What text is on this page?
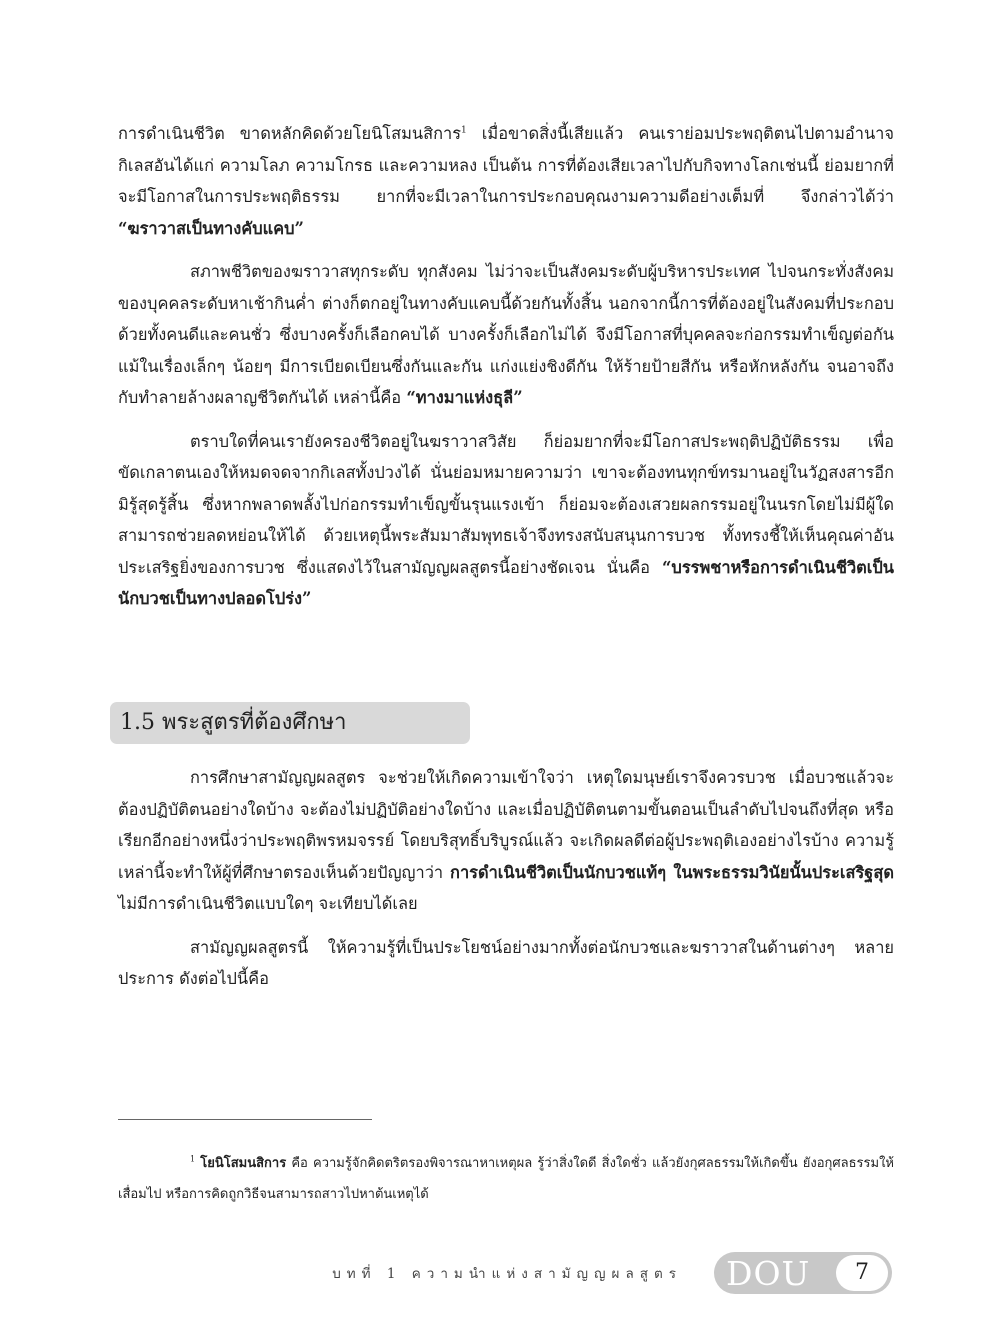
การดำเนินชีวิต ขาดหลักคิดด้วยโยนิโสมนสิการ$^1$ เมื่อขาดสิ่งนี้เสียแล้ว คนเราย่อมประพฤติตนไปตามอำนาจกิเลสอันได้แก่ ความโลภ ความโกรธ และความหลง เป็นต้น การที่ต้องเสียเวลาไปกับกิจทางโลกเช่นนี้ ย่อมยากที่จะมีโอกาสในการประพฤติธรรม ยากที่จะมีเวลาในการประกอบคุณงามความดีอย่างเต็มที่ จึงกล่าวได้ว่า “ฆราวาสเป็นทางคับแคบ”

สภาพชีวิตของฆราวาสทุกระดับ ทุกสังคม ไม่ว่าจะเป็นสังคมระดับผู้บริหารประเทศ ไปจนกระทั่งสังคมของบุคคลระดับหาเช้ากินค่ำ ต่างก็ตกอยู่ในทางคับแคบนี้ด้วยกันทั้งสิ้น นอกจากนี้การที่ต้องอยู่ในสังคมที่ประกอบด้วยทั้งคนดีและคนชั่ว ซึ่งบางครั้งก็เลือกคบได้ บางครั้งก็เลือกไม่ได้ จึงมีโอกาสที่บุคคลจะก่อกรรมทำเข็ญต่อกัน แม้ในเรื่องเล็กๆ น้อยๆ มีการเบียดเบียนซึ่งกันและกัน แก่งแย่งชิงดีกัน ให้ร้ายป้ายสีกัน หรือหักหลังกัน จนอาจถึงกับทำลายล้างผลาญชีวิตกันได้ เหล่านี้คือ “ทางมาแห่งธุลี”

ตราบใดที่คนเรายังครองชีวิตอยู่ในฆราวาสวิสัย ก็ย่อมยากที่จะมีโอกาสประพฤติปฏิบัติธรรม เพื่อขัดเกลาตนเองให้หมดจดจากกิเลสทั้งปวงได้ นั่นย่อมหมายความว่า เขาจะต้องทนทุกข์ทรมานอยู่ในวัฏสงสารอีกมิรู้สุดรู้สิ้น ซึ่งหากพลาดพลั้งไปก่อกรรมทำเข็ญขั้นรุนแรงเข้า ก็ย่อมจะต้องเสวยผลกรรมอยู่ในนรกโดยไม่มีผู้ใดสามารถช่วยลดหย่อนให้ได้ ด้วยเหตุนี้พระสัมมาสัมพุทธเจ้าจึงทรงสนับสนุนการบวช ทั้งทรงชี้ให้เห็นคุณค่าอันประเสริฐยิ่งของการบวช ซึ่งแสดงไว้ในสามัญญผลสูตรนี้อย่างชัดเจน นั่นคือ “บรรพชาหรือการดำเนินชีวิตเป็นนักบวชเป็นทางปลอดโปร่ง”

1.5 พระสูตรที่ต้องศึกษา

การศึกษาสามัญญผลสูตร จะช่วยให้เกิดความเข้าใจว่า เหตุใดมนุษย์เราจึงควรบวช เมื่อบวชแล้วจะต้องปฏิบัติตนอย่างใดบ้าง จะต้องไม่ปฏิบัติอย่างใดบ้าง และเมื่อปฏิบัติตนตามขั้นตอนเป็นลำดับไปจนถึงที่สุด หรือเรียกอีกอย่างหนึ่งว่าประพฤติพรหมจรรย์ โดยบริสุทธิ์บริบูรณ์แล้ว จะเกิดผลดีต่อผู้ประพฤติเองอย่างไรบ้าง ความรู้เหล่านี้จะทำให้ผู้ที่ศึกษาตรองเห็นด้วยปัญญาว่า การดำเนินชีวิตเป็นนักบวชแท้ๆ ในพระธรรมวินัยนั้นประเสริฐสุด ไม่มีการดำเนินชีวิตแบบใดๆ จะเทียบได้เลย

สามัญญผลสูตรนี้ ให้ความรู้ที่เป็นประโยชน์อย่างมากทั้งต่อนักบวชและฆราวาสในด้านต่างๆ หลายประการ ดังต่อไปนี้คือ

$^1$ โยนิโสมนสิการ คือ ความรู้จักคิดตริตรองพิจารณาหาเหตุผล รู้ว่าสิ่งใดดี สิ่งใดชั่ว แล้วยังกุศลธรรมให้เกิดขึ้น ยังอกุศลธรรมให้เสื่อมไป หรือการคิดถูกวิธีจนสามารถสาวไปหาต้นเหตุได้

บทที่ 1 ความนำแห่งสามัญญผลสูตร DOU	7
